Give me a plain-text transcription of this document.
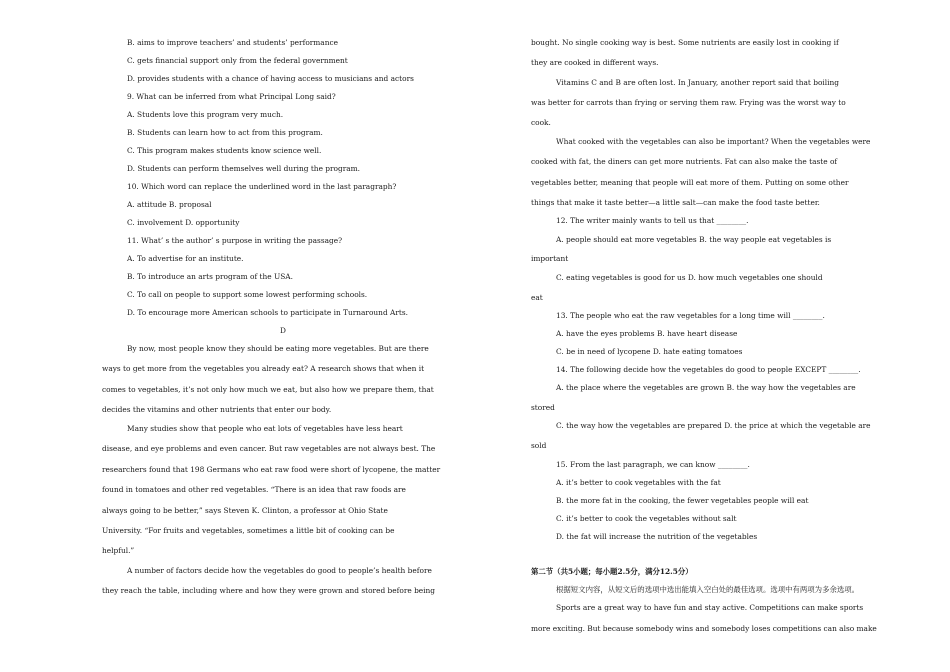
B. aims to improve teachers’ and students’ performance
C. gets financial support only from the federal government
D. provides students with a chance of having access to musicians and actors
9. What can be inferred from what Principal Long said?
A. Students love this program very much.
B. Students can learn how to act from this program.
C. This program makes students know science well.
D. Students can perform themselves well during the program.
10. Which word can replace the underlined word in the last paragraph?
A. attitude B. proposal
C. involvement D. opportunity
11. What’ s the author’ s purpose in writing the passage?
A. To advertise for an institute.
B. To introduce an arts program of the USA.
C. To call on people to support some lowest performing schools.
D. To encourage more American schools to participate in Turnaround Arts.
D
By now, most people know they should be eating more vegetables. But are there
ways to get more from the vegetables you already eat? A research shows that when it
comes to vegetables, it’s not only how much we eat, but also how we prepare them, that
decides the vitamins and other nutrients that enter our body.
Many studies show that people who eat lots of vegetables have less heart
disease, and eye problems and even cancer. But raw vegetables are not always best. The
researchers found that 198 Germans who eat raw food were short of lycopene, the matter
found in tomatoes and other red vegetables. “There is an idea that raw foods are
always going to be better,” says Steven K. Clinton, a professor at Ohio State
University. “For fruits and vegetables, sometimes a little bit of cooking can be
helpful.”
A number of factors decide how the vegetables do good to people’s health before
they reach the table, including where and how they were grown and stored before being
bought. No single cooking way is best. Some nutrients are easily lost in cooking if
they are cooked in different ways.
Vitamins C and B are often lost. In January, another report said that boiling
was better for carrots than frying or serving them raw. Frying was the worst way to
cook.
What cooked with the vegetables can also be important? When the vegetables were
cooked with fat, the diners can get more nutrients. Fat can also make the taste of
vegetables better, meaning that people will eat more of them. Putting on some other
things that make it taste better—a little salt—can make the food taste better.
12. The writer mainly wants to tell us that ________.
A. people should eat more vegetables B. the way people eat vegetables is
important
C. eating vegetables is good for us D. how much vegetables one should
eat
13. The people who eat the raw vegetables for a long time will ________.
A. have the eyes problems B. have heart disease
C. be in need of lycopene D. hate eating tomatoes
14. The following decide how the vegetables do good to people EXCEPT ________.
A. the place where the vegetables are grown B. the way how the vegetables are
stored
C. the way how the vegetables are prepared D. the price at which the vegetable are
sold
15. From the last paragraph, we can know ________.
A. it’s better to cook vegetables with the fat
B. the more fat in the cooking, the fewer vegetables people will eat
C. it’s better to cook the vegetables without salt
D. the fat will increase the nutrition of the vegetables
第二节（共5小题；每小题2.5分，满分12.5分）
根据短文内容，从短文后的选项中选出能填入空白处的最佳选项。选项中有两项为多余选项。
Sports are a great way to have fun and stay active. Competitions can make sports
more exciting. But because somebody wins and somebody loses competitions can also make
